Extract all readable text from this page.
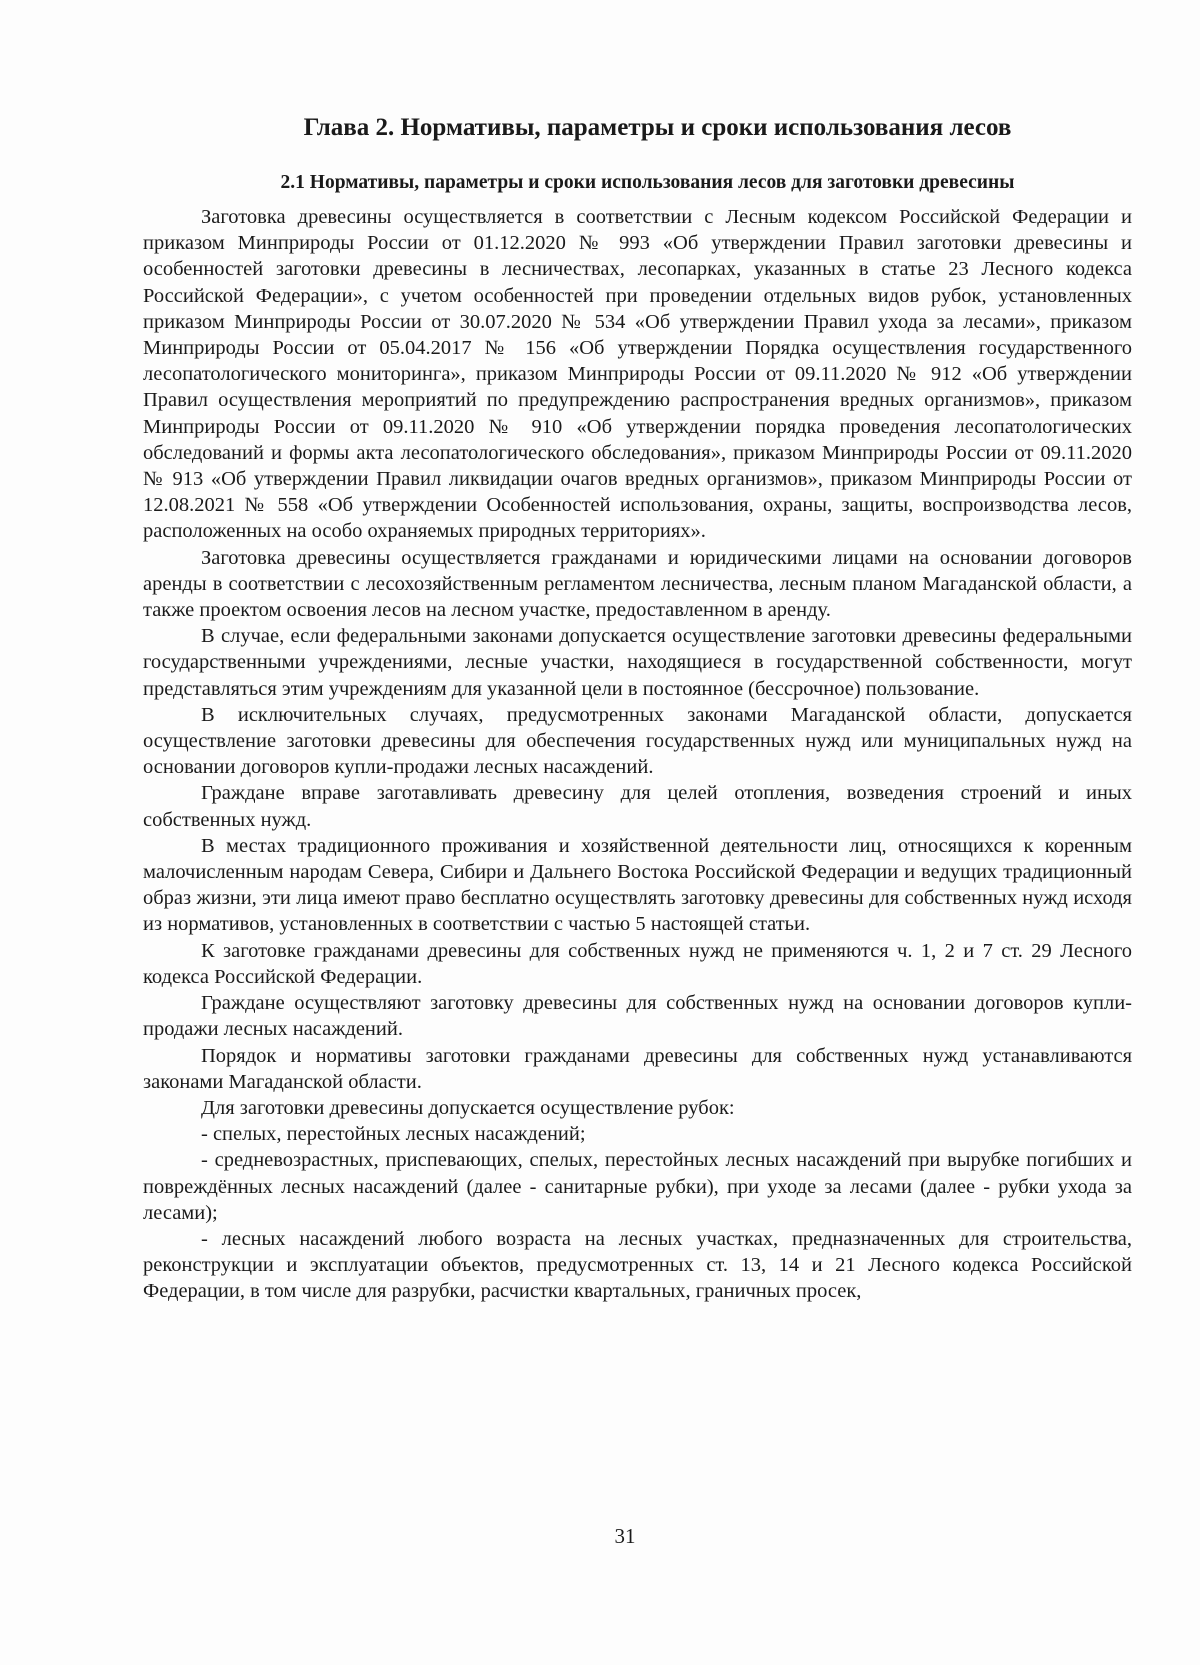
Глава 2. Нормативы, параметры и сроки использования лесов
2.1 Нормативы, параметры и сроки использования лесов для заготовки древесины

Заготовка древесины осуществляется в соответствии с Лесным кодексом Российской Федерации и приказом Минприроды России от 01.12.2020 № 993 «Об утверждении Правил заготовки древесины и особенностей заготовки древесины в лесничествах, лесопарках, указанных в статье 23 Лесного кодекса Российской Федерации», с учетом особенностей при проведении отдельных видов рубок, установленных приказом Минприроды России от 30.07.2020 № 534 «Об утверждении Правил ухода за лесами», приказом Минприроды России от 05.04.2017 № 156 «Об утверждении Порядка осуществления государственного лесопатологического мониторинга», приказом Минприроды России от 09.11.2020 № 912 «Об утверждении Правил осуществления мероприятий по предупреждению распространения вредных организмов», приказом Минприроды России от 09.11.2020 № 910 «Об утверждении порядка проведения лесопатологических обследований и формы акта лесопатологического обследования», приказом Минприроды России от 09.11.2020 № 913 «Об утверждении Правил ликвидации очагов вредных организмов», приказом Минприроды России от 12.08.2021 № 558 «Об утверждении Особенностей использования, охраны, защиты, воспроизводства лесов, расположенных на особо охраняемых природных территориях».

Заготовка древесины осуществляется гражданами и юридическими лицами на основании договоров аренды в соответствии с лесохозяйственным регламентом лесничества, лесным планом Магаданской области, а также проектом освоения лесов на лесном участке, предоставленном в аренду.

В случае, если федеральными законами допускается осуществление заготовки древесины федеральными государственными учреждениями, лесные участки, находящиеся в государственной собственности, могут представляться этим учреждениям для указанной цели в постоянное (бессрочное) пользование.

В исключительных случаях, предусмотренных законами Магаданской области, допускается осуществление заготовки древесины для обеспечения государственных нужд или муниципальных нужд на основании договоров купли-продажи лесных насаждений.

Граждане вправе заготавливать древесину для целей отопления, возведения строений и иных собственных нужд.

В местах традиционного проживания и хозяйственной деятельности лиц, относящихся к коренным малочисленным народам Севера, Сибири и Дальнего Востока Российской Федерации и ведущих традиционный образ жизни, эти лица имеют право бесплатно осуществлять заготовку древесины для собственных нужд исходя из нормативов, установленных в соответствии с частью 5 настоящей статьи.

К заготовке гражданами древесины для собственных нужд не применяются ч. 1, 2 и 7 ст. 29 Лесного кодекса Российской Федерации.

Граждане осуществляют заготовку древесины для собственных нужд на основании договоров купли-продажи лесных насаждений.

Порядок и нормативы заготовки гражданами древесины для собственных нужд устанавливаются законами Магаданской области.

Для заготовки древесины допускается осуществление рубок:

- спелых, перестойных лесных насаждений;

- средневозрастных, приспевающих, спелых, перестойных лесных насаждений при вырубке погибших и повреждённых лесных насаждений (далее - санитарные рубки), при уходе за лесами (далее - рубки ухода за лесами);

- лесных насаждений любого возраста на лесных участках, предназначенных для строительства, реконструкции и эксплуатации объектов, предусмотренных ст. 13, 14 и 21 Лесного кодекса Российской Федерации, в том числе для разрубки, расчистки квартальных, граничных просек,

31
